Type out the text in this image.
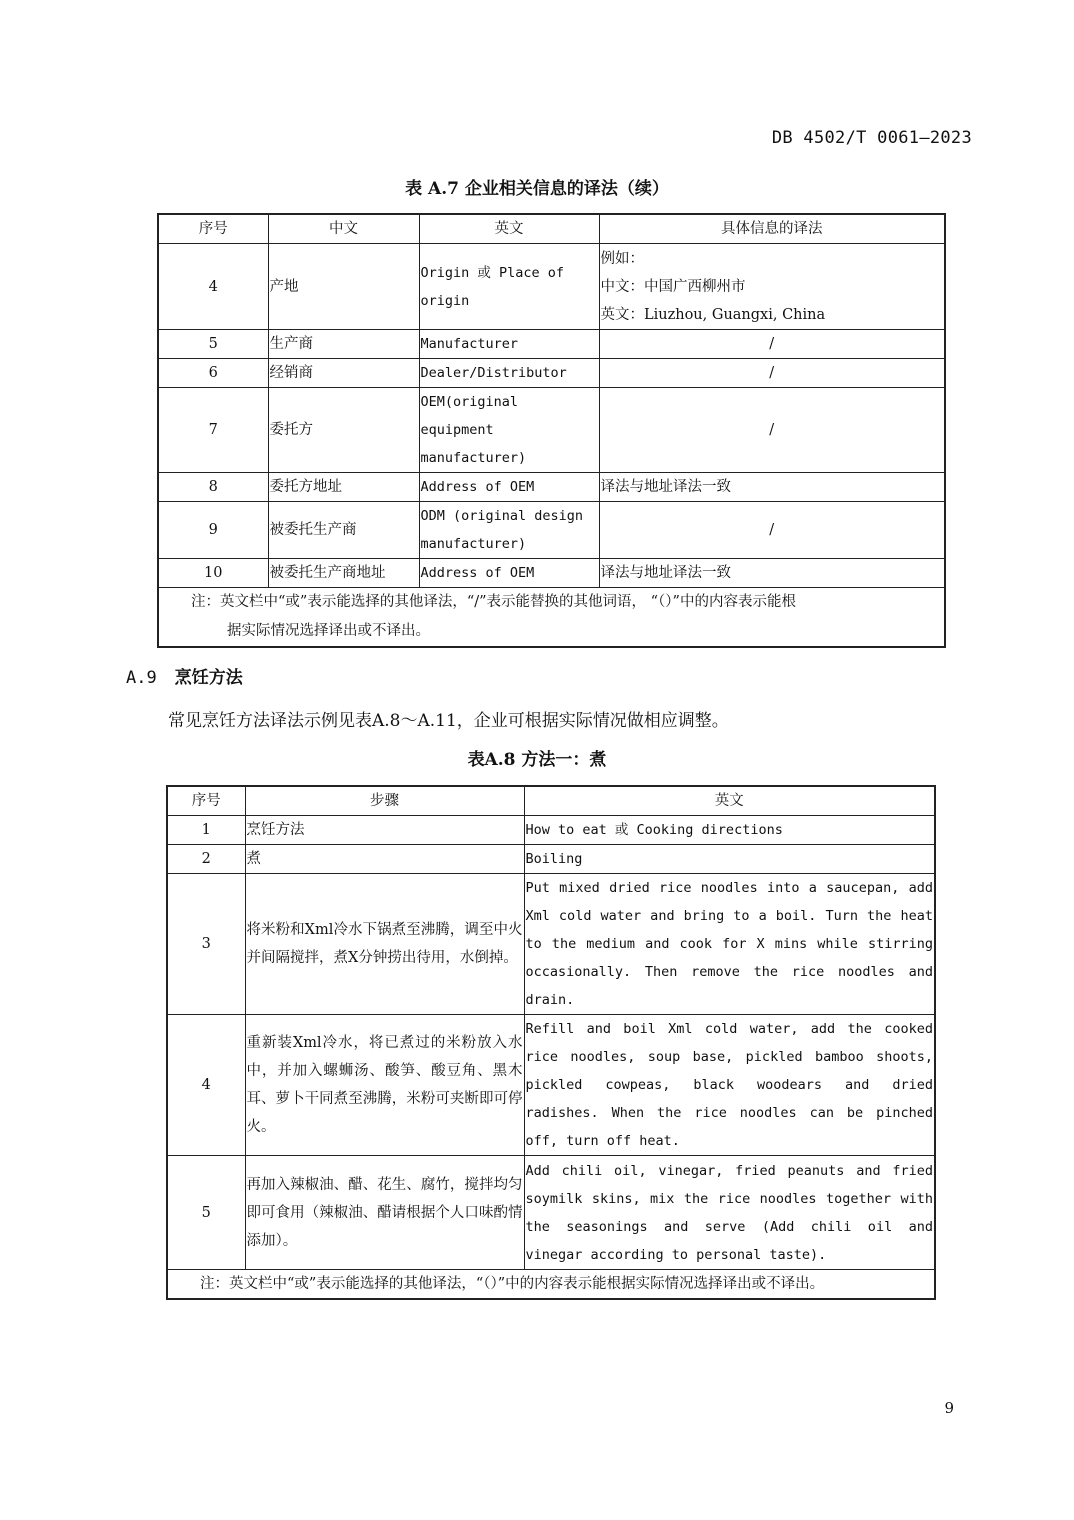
DB 4502/T 0061—2023
表 A.7 企业相关信息的译法（续）
序号	中文	英文	具体信息的译法
4	产地	Origin 或 Place of origin	例如：
中文：中国广西柳州市
英文：Liuzhou, Guangxi, China

5	生产商	Manufacturer	/
6	经销商	Dealer/Distributor	/
7	委托方	OEM(original equipment manufacturer)	/
8	委托方地址	Address of OEM	译法与地址译法一致
9	被委托生产商	ODM (original design manufacturer)	/
10	被委托生产商地址	Address of OEM	译法与地址译法一致

注：英文栏中“或”表示能选择的其他译法，“/”表示能替换的其他词语， “（）”中的内容表示能根
据实际情况选择译出或不译出。			
A.9 烹饪方法
常见烹饪方法译法示例见表A.8～A.11，企业可根据实际情况做相应调整。
表A.8 方法一：煮
序号	步骤	英文
1	烹饪方法	How to eat 或 Cooking directions
2	煮	Boiling
3	将米粉和Xml冷水下锅煮至沸腾，调至中火并间隔搅拌，煮X分钟捞出待用，水倒掉。	Put mixed dried rice noodles into a saucepan, add Xml cold water and bring to a boil. Turn the heat to the medium and cook for X mins while stirring occasionally. Then remove the rice noodles and drain.
4	重新装Xml冷水，将已煮过的米粉放入水中，并加入螺蛳汤、酸笋、酸豆角、黑木耳、萝卜干同煮至沸腾，米粉可夹断即可停火。	Refill and boil Xml cold water, add the cooked rice noodles, soup base, pickled bamboo shoots, pickled cowpeas, black woodears and dried radishes. When the rice noodles can be pinched off, turn off heat.
5	再加入辣椒油、醋、花生、腐竹，搅拌均匀即可食用（辣椒油、醋请根据个人口味酌情添加）。	Add chili oil, vinegar, fried peanuts and fried soymilk skins, mix the rice noodles together with the seasonings and serve (Add chili oil and vinegar according to personal taste).
注：英文栏中“或”表示能选择的其他译法，“（）”中的内容表示能根据实际情况选择译出或不译出。		
9
